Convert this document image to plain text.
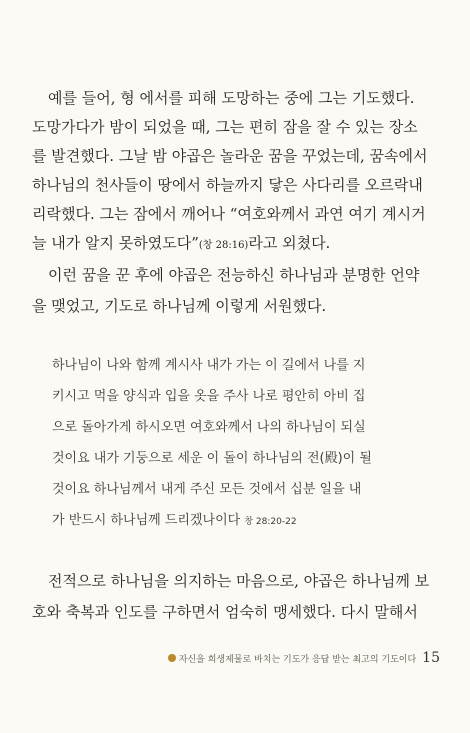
예를 들어, 형 에서를 피해 도망하는 중에 그는 기도했다.
도망가다가 밤이 되었을 때, 그는 편히 잠을 잘 수 있는 장소
를 발견했다. 그날 밤 야곱은 놀라운 꿈을 꾸었는데, 꿈속에서
하나님의 천사들이 땅에서 하늘까지 닿은 사다리를 오르락내
리락했다. 그는 잠에서 깨어나 “여호와께서 과연 여기 계시거
늘 내가 알지 못하였도다”(창 28:16)라고 외쳤다.
이런 꿈을 꾼 후에 야곱은 전능하신 하나님과 분명한 언약
을 맺었고, 기도로 하나님께 이렇게 서원했다.
하나님이 나와 함께 계시사 내가 가는 이 길에서 나를 지
키시고 먹을 양식과 입을 옷을 주사 나로 평안히 아비 집
으로 돌아가게 하시오면 여호와께서 나의 하나님이 되실
것이요 내가 기둥으로 세운 이 돌이 하나님의 전(殿)이 될
것이요 하나님께서 내게 주신 모든 것에서 십분 일을 내
가 반드시 하나님께 드리겠나이다 창 28:20-22
전적으로 하나님을 의지하는 마음으로, 야곱은 하나님께 보
호와 축복과 인도를 구하면서 엄숙히 맹세했다. 다시 말해서
자신을 희생제물로 바치는 기도가 응답 받는 최고의 기도이다 15
